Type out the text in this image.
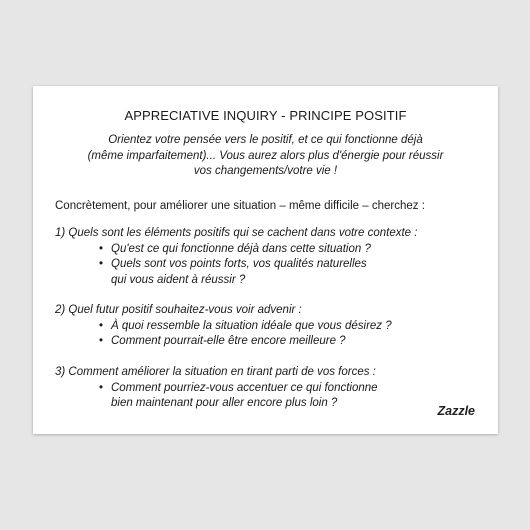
APPRECIATIVE INQUIRY - PRINCIPE POSITIF
Orientez votre pensée vers le positif, et ce qui fonctionne déjà
(même imparfaitement)... Vous aurez alors plus d'énergie pour réussir
vos changements/votre vie !
Concrètement, pour améliorer une situation – même difficile – cherchez :
1) Quels sont les éléments positifs qui se cachent dans votre contexte :
• Qu'est ce qui fonctionne déjà dans cette situation ?
• Quels sont vos points forts, vos qualités naturelles
qui vous aident à réussir ?
2) Quel futur positif souhaitez-vous voir advenir :
• À quoi ressemble la situation idéale que vous désirez ?
• Comment pourrait-elle être encore meilleure ?
3) Comment améliorer la situation en tirant parti de vos forces :
• Comment pourriez-vous accentuer ce qui fonctionne
bien maintenant pour aller encore plus loin ?
Zazzle
